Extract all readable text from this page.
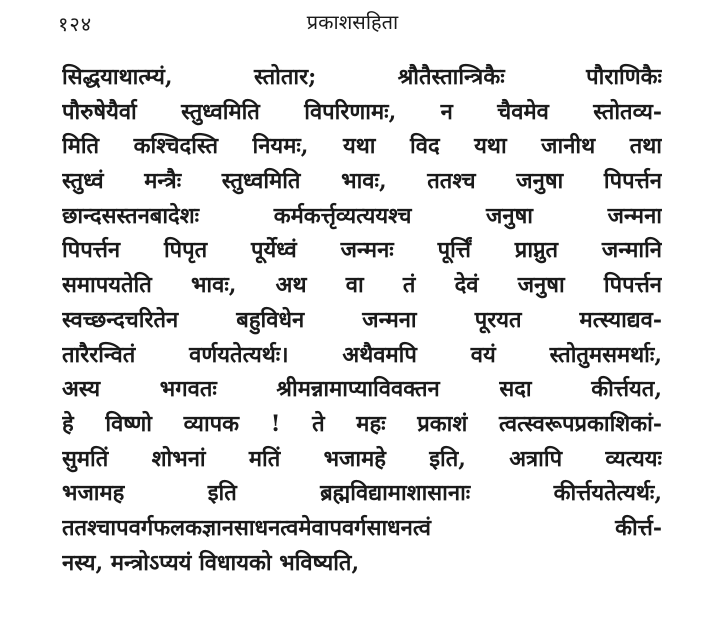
१२४	प्रकाशसहिता
सिद्धयाथात्म्यं, स्तोतार; श्रौतैस्तान्त्रिकैः पौराणिकैः
पौरुषेयैर्वा स्तुध्वमिति विपरिणामः, न चैवमेव स्तोतव्य-
मिति कश्चिदस्ति नियमः, यथा विद यथा जानीथ तथा
स्तुध्वं मन्त्रैः स्तुध्वमिति भावः, ततश्च जनुषा पिपर्त्तन
छान्दसस्तनबादेशः कर्मकर्त्तृव्यत्ययश्च जनुषा जन्मना
पिपर्त्तन पिपृत पूर्येध्वं जन्मनः पूर्त्तिं प्राप्नुत जन्मानि
समापयतेति भावः, अथ वा तं देवं जनुषा पिपर्त्तन
स्वच्छन्दचरितेन बहुविधेन जन्मना पूरयत मत्स्याद्यव-
तारैरन्वितं वर्णयतेत्यर्थः। अथैवमपि वयं स्तोतुमसमर्थाः,
अस्य भगवतः श्रीमन्नामाप्याविवक्तन सदा कीर्त्तयत,
हे विष्णो व्यापक ! ते महः प्रकाशं त्वत्स्वरूपप्रकाशिकां-
सुमतिं शोभनां मतिं भजामहे इति, अत्रापि व्यत्ययः
भजामह इति ब्रह्मविद्यामाशासानाः कीर्त्तयतेत्यर्थः,
ततश्चापवर्गफलकज्ञानसाधनत्वमेवापवर्गसाधनत्वं कीर्त्त-
नस्य, मन्त्रोऽप्ययं विधायको भविष्यति,
